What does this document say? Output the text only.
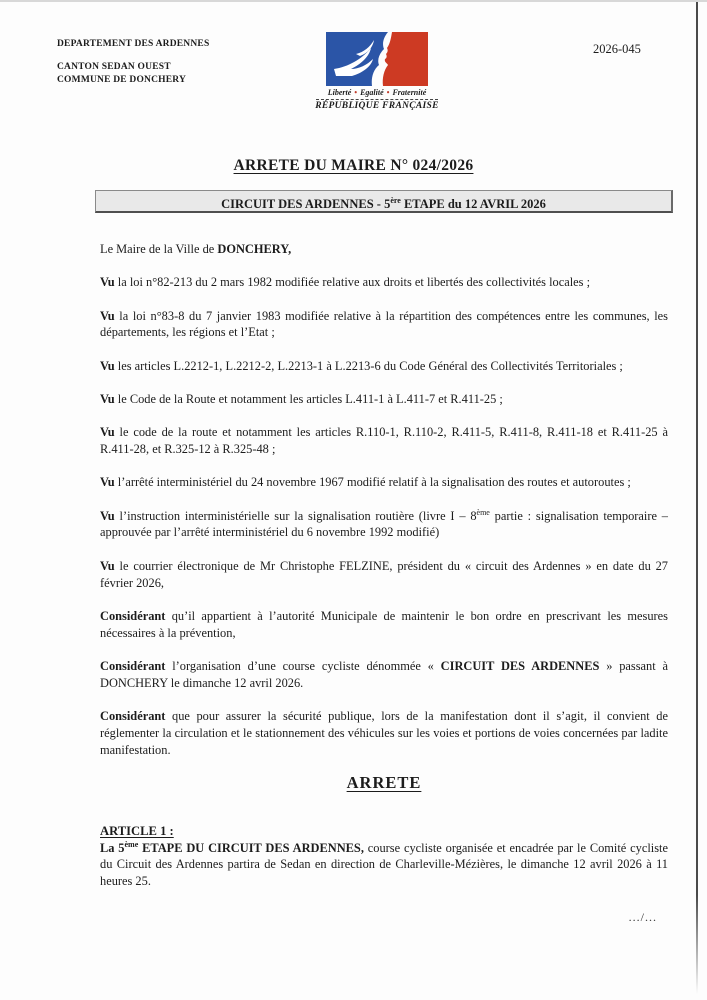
DEPARTEMENT DES ARDENNES
CANTON SEDAN OUEST
COMMUNE DE DONCHERY
Liberté • Egalité • Fraternité
RÉPUBLIQUE FRANÇAISE
2026-045
ARRETE DU MAIRE N° 024/2026
CIRCUIT DES ARDENNES - 5ère ETAPE du 12 AVRIL 2026

Le Maire de la Ville de DONCHERY,

Vu la loi n°82-213 du 2 mars 1982 modifiée relative aux droits et libertés des collectivités locales ;

Vu la loi n°83-8 du 7 janvier 1983 modifiée relative à la répartition des compétences entre les communes, les départements, les régions et l’Etat ;

Vu les articles L.2212-1, L.2212-2, L.2213-1 à L.2213-6 du Code Général des Collectivités Territoriales ;

Vu le Code de la Route et notamment les articles L.411-1 à L.411-7 et R.411-25 ;

Vu le code de la route et notamment les articles R.110-1, R.110-2, R.411-5, R.411-8, R.411-18 et R.411-25 à R.411-28, et R.325-12 à R.325-48 ;

Vu l’arrêté interministériel du 24 novembre 1967 modifié relatif à la signalisation des routes et autoroutes ;

Vu l’instruction interministérielle sur la signalisation routière (livre I – 8ème partie : signalisation temporaire – approuvée par l’arrêté interministériel du 6 novembre 1992 modifié)

Vu le courrier électronique de Mr Christophe FELZINE, président du « circuit des Ardennes » en date du 27 février 2026,

Considérant qu’il appartient à l’autorité Municipale de maintenir le bon ordre en prescrivant les mesures nécessaires à la prévention,

Considérant l’organisation d’une course cycliste dénommée « CIRCUIT DES ARDENNES » passant à DONCHERY le dimanche 12 avril 2026.

Considérant que pour assurer la sécurité publique, lors de la manifestation dont il s’agit, il convient de réglementer la circulation et le stationnement des véhicules sur les voies et portions de voies concernées par ladite manifestation.

ARRETE

ARTICLE 1 :

La 5ème ETAPE DU CIRCUIT DES ARDENNES, course cycliste organisée et encadrée par le Comité cycliste du Circuit des Ardennes partira de Sedan en direction de Charleville-Mézières, le dimanche 12 avril 2026 à 11 heures 25.

.../...
